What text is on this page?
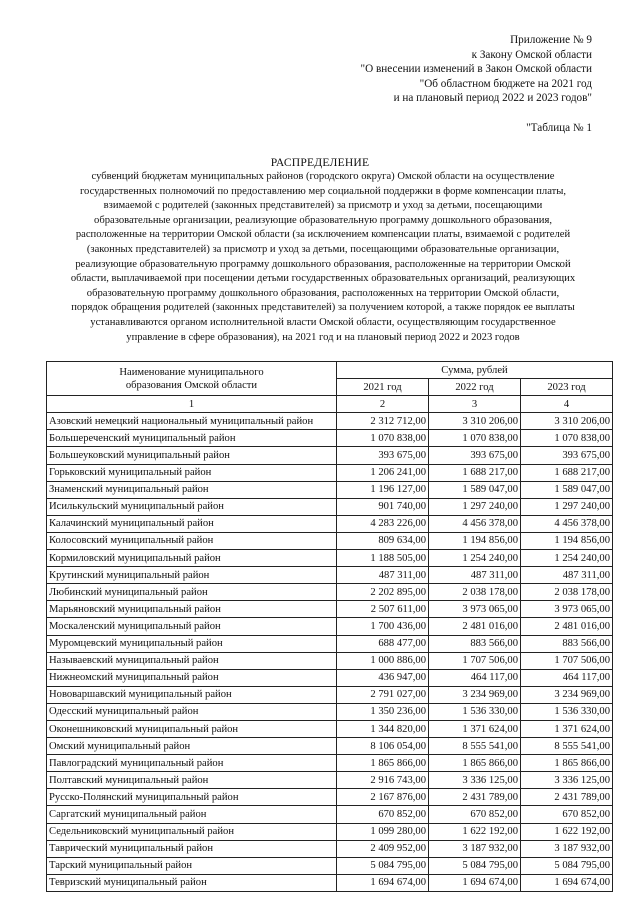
Приложение № 9
к Закону Омской области
"О внесении изменений в Закон Омской области
"Об областном бюджете на 2021 год
и на плановый период 2022 и 2023 годов"
"Таблица № 1
РАСПРЕДЕЛЕНИЕ
субвенций бюджетам муниципальных районов (городского округа) Омской области на осуществление
государственных полномочий по предоставлению мер социальной поддержки в форме компенсации платы,
взимаемой с родителей (законных представителей) за присмотр и уход за детьми, посещающими
образовательные организации, реализующие образовательную программу дошкольного образования,
расположенные на территории Омской области (за исключением компенсации платы, взимаемой с родителей
(законных представителей) за присмотр и уход за детьми, посещающими образовательные организации,
реализующие образовательную программу дошкольного образования, расположенные на территории Омской
области, выплачиваемой при посещении детьми государственных образовательных организаций, реализующих
образовательную программу дошкольного образования, расположенных на территории Омской области,
порядок обращения родителей (законных представителей) за получением которой, а также порядок ее выплаты
устанавливаются органом исполнительной власти Омской области, осуществляющим государственное
управление в сфере образования), на 2021 год и на плановый период 2022 и 2023 годов
Наименование муниципального
образования Омской области	Сумма, рублей		
	2021 год	2022 год	2023 год
1	2	3	4
Азовский немецкий национальный муниципальный район	2 312 712,00	3 310 206,00	3 310 206,00
Большереченский муниципальный район	1 070 838,00	1 070 838,00	1 070 838,00
Большеуковский муниципальный район	393 675,00	393 675,00	393 675,00
Горьковский муниципальный район	1 206 241,00	1 688 217,00	1 688 217,00
Знаменский муниципальный район	1 196 127,00	1 589 047,00	1 589 047,00
Исилькульский муниципальный район	901 740,00	1 297 240,00	1 297 240,00
Калачинский муниципальный район	4 283 226,00	4 456 378,00	4 456 378,00
Колосовский муниципальный район	809 634,00	1 194 856,00	1 194 856,00
Кормиловский муниципальный район	1 188 505,00	1 254 240,00	1 254 240,00
Крутинский муниципальный район	487 311,00	487 311,00	487 311,00
Любинский муниципальный район	2 202 895,00	2 038 178,00	2 038 178,00
Марьяновский муниципальный район	2 507 611,00	3 973 065,00	3 973 065,00
Москаленский муниципальный район	1 700 436,00	2 481 016,00	2 481 016,00
Муромцевский муниципальный район	688 477,00	883 566,00	883 566,00
Называевский муниципальный район	1 000 886,00	1 707 506,00	1 707 506,00
Нижнеомский муниципальный район	436 947,00	464 117,00	464 117,00
Нововаршавский муниципальный район	2 791 027,00	3 234 969,00	3 234 969,00
Одесский муниципальный район	1 350 236,00	1 536 330,00	1 536 330,00
Оконешниковский муниципальный район	1 344 820,00	1 371 624,00	1 371 624,00
Омский муниципальный район	8 106 054,00	8 555 541,00	8 555 541,00
Павлоградский муниципальный район	1 865 866,00	1 865 866,00	1 865 866,00
Полтавский муниципальный район	2 916 743,00	3 336 125,00	3 336 125,00
Русско-Полянский муниципальный район	2 167 876,00	2 431 789,00	2 431 789,00
Саргатский муниципальный район	670 852,00	670 852,00	670 852,00
Седельниковский муниципальный район	1 099 280,00	1 622 192,00	1 622 192,00
Таврический муниципальный район	2 409 952,00	3 187 932,00	3 187 932,00
Тарский муниципальный район	5 084 795,00	5 084 795,00	5 084 795,00
Тевризский муниципальный район	1 694 674,00	1 694 674,00	1 694 674,00
